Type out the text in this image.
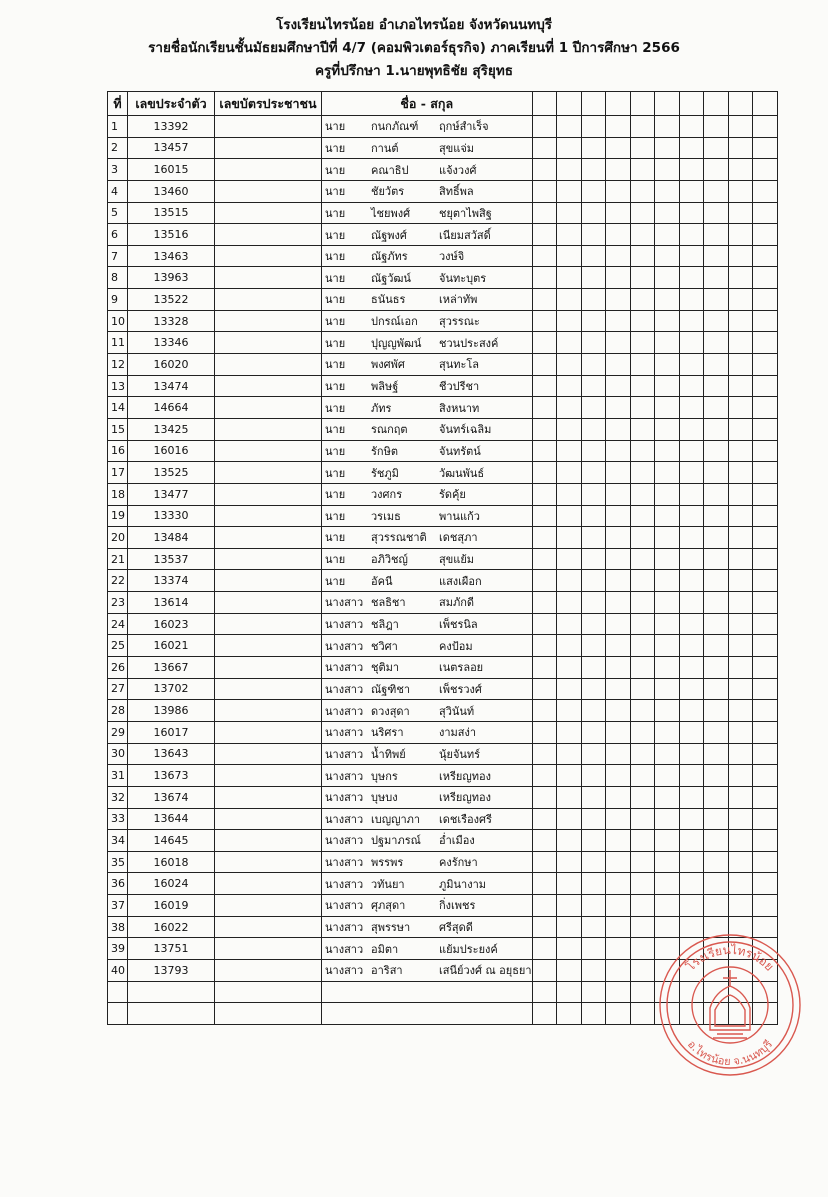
โรงเรียนไทรน้อย อำเภอไทรน้อย จังหวัดนนทบุรี
รายชื่อนักเรียนชั้นมัธยมศึกษาปีที่ 4/7 (คอมพิวเตอร์ธุรกิจ) ภาคเรียนที่ 1 ปีการศึกษา 2566
ครูที่ปรึกษา 1.นายพุทธิชัย สุริยุทธ
ที่	เลขประจำตัว	เลขบัตรประชาชน	ชื่อ - สกุล										
1	13392		นาย กนกภัณฑ์ ฤกษ์สำเร็จ										
2	13457		นาย กานต์ สุขแจ่ม										
3	16015		นาย คณาธิป แจ้งวงศ์										
4	13460		นาย ชัยวัตร สิทธิ์พล										
5	13515		นาย ไชยพงศ์ ชยุตาไพสิฐ										
6	13516		นาย ณัฐพงศ์ เนียมสวัสดิ์										
7	13463		นาย ณัฐภัทร วงษ์จิ										
8	13963		นาย ณัฐวัฒน์ จันทะบุตร										
9	13522		นาย ธนันธร เหล่าทัพ										
10	13328		นาย ปกรณ์เอก สุวรรณะ										
11	13346		นาย ปุญญพัฒน์ ชวนประสงค์										
12	16020		นาย พงศพัศ สุนทะโล										
13	13474		นาย พลิษฐ์ ชีวปรีชา										
14	14664		นาย ภัทร สิงหนาท										
15	13425		นาย รณกฤต จันทร์เฉลิม										
16	16016		นาย รักษิต จันทรัตน์										
17	13525		นาย รัชภูมิ วัฒนพันธ์										
18	13477		นาย วงศกร รัดคุ้ย										
19	13330		นาย วรเมธ พานแก้ว										
20	13484		นาย สุวรรณชาติ เดชสุภา										
21	13537		นาย อภิวิชญ์ สุขแย้ม										
22	13374		นาย อัคนี แสงเผือก										
23	13614		นางสาว ชลธิชา สมภักดี										
24	16023		นางสาว ชลิฎา เพ็ชรนิล										
25	16021		นางสาว ชวิศา คงป้อม										
26	13667		นางสาว ชุติมา เนตรลอย										
27	13702		นางสาว ณัฐฑิชา เพ็ชรวงศ์										
28	13986		นางสาว ดวงสุดา สุวินันท์										
29	16017		นางสาว นริศรา งามสง่า										
30	13643		นางสาว น้ำทิพย์ นุ้ยจันทร์										
31	13673		นางสาว บุษกร เหรียญทอง										
32	13674		นางสาว บุษบง เหรียญทอง										
33	13644		นางสาว เบญญาภา เดชเรืองศรี										
34	14645		นางสาว ปฐมาภรณ์ อ่ำเมือง										
35	16018		นางสาว พรรพร คงรักษา										
36	16024		นางสาว วทันยา ภูมินางาม										
37	16019		นางสาว ศุภสุดา กิ่งเพชร										
38	16022		นางสาว สุพรรษา ศรีสุดดี										
39	13751		นางสาว อมิตา แย้มประยงค์										
40	13793		นางสาว อาริสา เสนีย์วงศ์ ณ อยุธยา										

														โรงเรียนไทรน้อย
อ.ไทรน้อย จ.นนทบุรี
